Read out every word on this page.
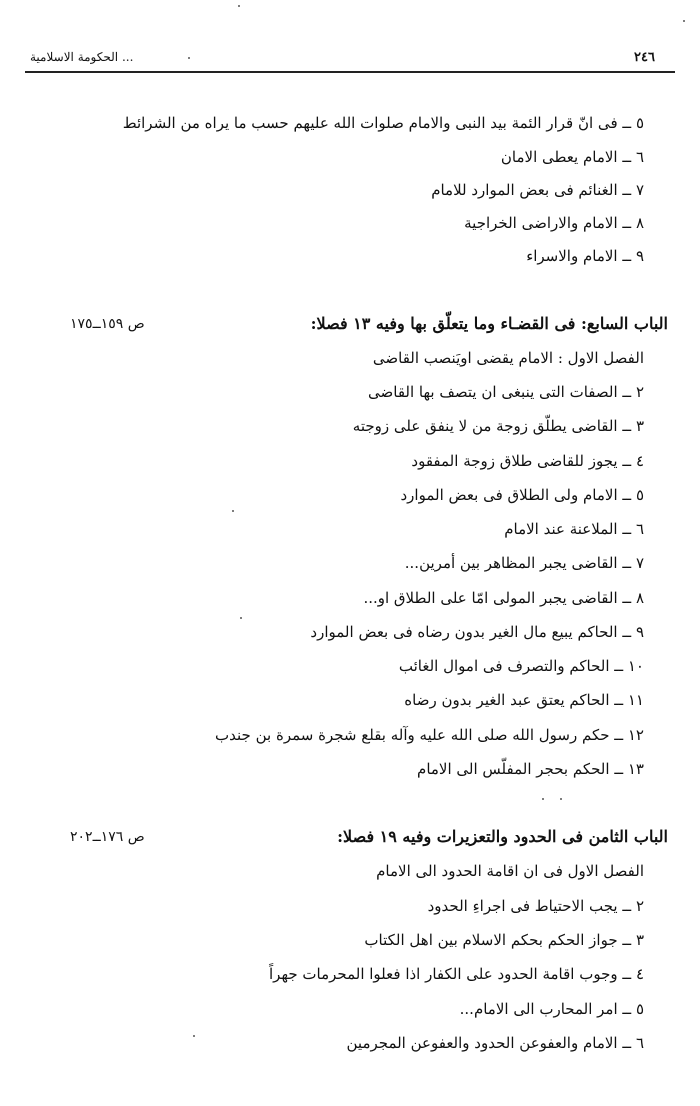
الحكومة الاسلامية ...	٢٤٦
٥ ــ فى انّ قرار الئمة بيد النبى والامام صلوات الله عليهم حسب ما يراه من الشرائط
٦ ــ الامام يعطى الامان
٧ ــ الغنائم فى بعض الموارد للامام
٨ ــ الامام والاراضى الخراجية
٩ ــ الامام والاسراء
الباب السابع: فى القضـاء وما يتعلّق بها وفيه ١٣ فصلا:
ص ١٥٩ــ١٧٥
الفصل الاول : الامام يقضى اويَنصب القاضى
٢ ــ الصفات التى ينبغى ان يتصف بها القاضى
٣ ــ القاضى يطلّق زوجة من لا ينفق على زوجته
٤ ــ يجوز للقاضى طلاق زوجة المفقود
٥ ــ الامام ولى الطلاق فى بعض الموارد
٦ ــ الملاعنة عند الامام
٧ ــ القاضى يجبر المظاهر بين أمرين...
٨ ــ القاضى يجبر المولى امّا على الطلاق او...
٩ ــ الحاكم يبيع مال الغير بدون رضاه فى بعض الموارد
١٠ ــ الحاكم والتصرف فى اموال الغائب
١١ ــ الحاكم يعتق عبد الغير بدون رضاه
١٢ ــ حكم رسول الله صلى الله عليه وآله بقلع شجرة سمرة بن جندب
١٣ ــ الحكم بحجر المفلّس الى الامام
الباب الثامن فى الحدود والتعزيرات وفيه ١٩ فصلا:
ص ١٧٦ــ٢٠٢
الفصل الاول فى ان اقامة الحدود الى الامام
٢ ــ يجب الاحتياط فى اجراءِ الحدود
٣ ــ جواز الحكم بحكم الاسلام بين اهل الكتاب
٤ ــ وجوب اقامة الحدود على الكفار اذا فعلوا المحرمات جهراً
٥ ــ امر المحارب الى الامام...
٦ ــ الامام والعفوعن الحدود والعفوعن المجرمين
